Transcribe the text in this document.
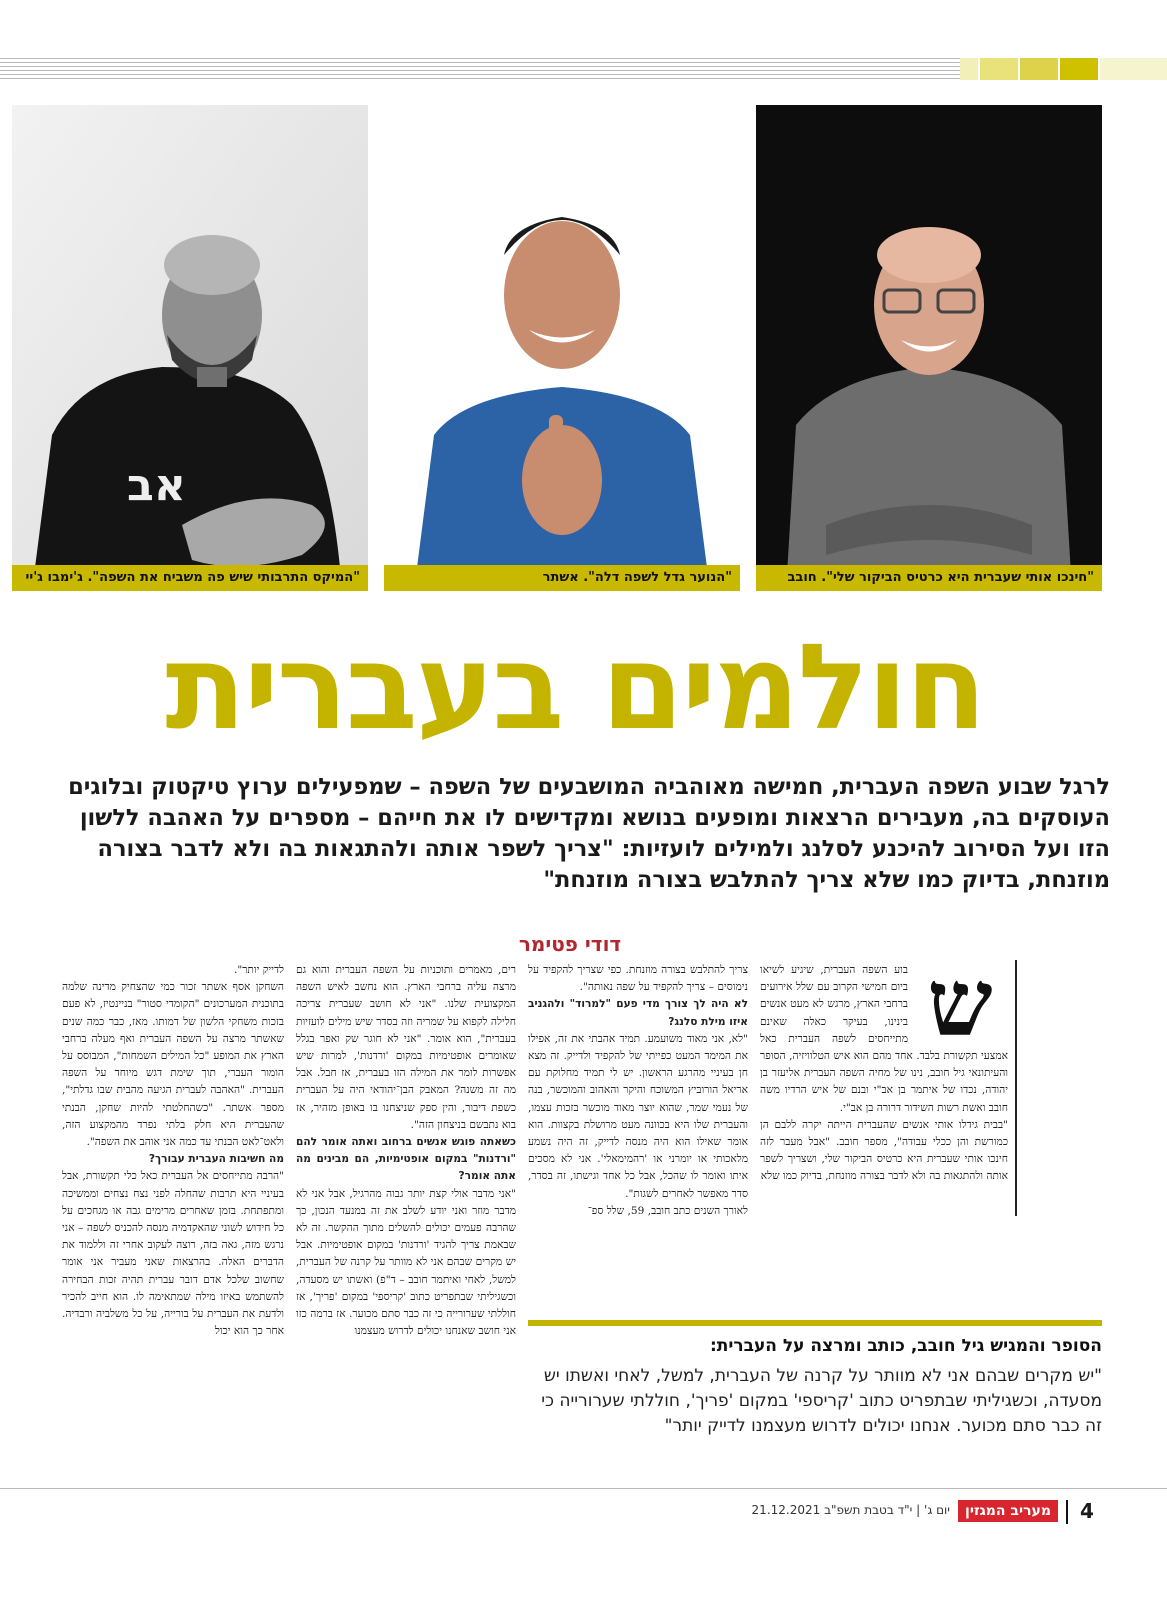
אב
"המיקס התרבותי שיש פה משביח את השפה". ג'ימבו ג'יי	"הנוער גדל לשפה דלה". אשתר	"חינכו אותי שעברית היא כרטיס הביקור שלי". חובב
חולמים בעברית
לרגל שבוע השפה העברית, חמישה מאוהביה המושבעים של השפה – שמפעילים ערוץ טיקטוק ובלוגים העוסקים בה, מעבירים הרצאות ומופעים בנושא ומקדישים לו את חייהם – מספרים על האהבה ללשון הזו ועל הסירוב להיכנע לסלנג ולמילים לועזיות: "צריך לשפר אותה ולהתגאות בה ולא לדבר בצורה מוזנחת, בדיוק כמו שלא צריך להתלבש בצורה מוזנחת"
דודי פטימר
ש

בוע השפה העברית, שיגיע לשיאו ביום חמישי הקרוב עם שלל אירועים ברחבי הארץ, מרגש לא מעט אנשים בינינו, בעיקר כאלה שאינם מתייחסים לשפה העברית כאל אמצעי תקשורת בלבד. אחד מהם הוא איש הטלוויזיה, הסופר והעיתונאי גיל חובב, נינו של מחיה השפה העברית אליעזר בן יהודה, נכדו של איתמר בן אב"י ובנם של איש הרדיו משה חובב ואשת רשות השידור דרורה בן אב"י.

"בבית גידלו אותי אנשים שהעברית הייתה יקרה ללבם הן כמורשת והן ככלי עבודה", מספר חובב. "אבל מעבר לזה חינכו אותי שעברית היא כרטיס הביקור שלי, ושצריך לשפר אותה ולהתגאות בה ולא לדבר בצורה מוזנחת, בדיוק כמו שלא

צריך להתלבש בצורה מוזנחת. כפי שצריך להקפיד על נימוסים – צריך להקפיד על שפה נאותה".

לא היה לך צורך מדי פעם "למרוד" ולהגניב איזו מילת סלנג?

"לא, אני מאוד משועמע. תמיד אהבתי את זה, אפילו את המימד המעט כפייתי של להקפיד ולדייק. זה מצא חן בעיניי מהרגע הראשון. יש לי תמיד מחלוקת עם אריאל הורוביץ המשוכח והיקר והאהוב והמוכשר, בנה של נעמי שמר, שהוא יוצר מאוד מוכשר בזכות עצמו, והעברית שלו היא בכוונה מעט מרושלת בקצוות. הוא אומר שאילו הוא היה מנסה לדייק, זה היה נשמע מלאכותי או יומרני או 'רהמימאלי'. אני לא מסכים איתו ואומר לו שהכל, אבל כל אחד וגישתו, זה בסדר, סדר מאפשר לאחרים לשגות".

לאורך השנים כתב חובב, 59, שלל ספ־

רים, מאמרים ותוכניות על השפה העברית והוא גם מרצה עליה ברחבי הארץ. הוא נחשב לאיש השפה המקצועית שלנו. "אני לא חושב שעברית צריכה חלילה לקפוא על שמריה וזה בסדר שיש מילים לועזיות בעברית", הוא אומר. "אני לא חוגר שק ואפר בגלל שאומרים אופטימיות במקום 'ורדנות', למרות שיש אפשרות לומר את המילה הזו בעברית, אז חבל. אבל מה זה משנה? המאבק הבן־יהודאי היה על העברית כשפת דיבור, והין ספק שניצחנו בו באופן מזהיר, אז בוא נתבשם בניצחון הזה".

כשאתה פוגש אנשים ברחוב ואתה אומר להם "ורדנות" במקום אופטימיות, הם מבינים מה אתה אומר?

"אני מדבר אולי קצת יותר גבוה מהרגיל, אבל אני לא מדבר מוזר ואני יודע לשלב את זה במנעד הנכון, כך שהרבה פעמים יכולים להשלים מתוך ההקשר. זה לא שבאמת צריך להגיד 'ורדנות' במקום אופטימיות. אבל יש מקרים שבהם אני לא מוותר על קרנה של העברית, למשל, לאחי ואיתמר חובב – ד"פ) ואשתו יש מסעדה, וכשגיליתי שבתפריט כתוב 'קריספי' במקום 'פריך', אז חוללתי שערורייה כי זה כבר סתם מכוער. אז ברמה כזו אני חושב שאנחנו יכולים לדרוש מעצמנו

לדייק יותר".

השחקן אסף אשתר זכור כמי שהצחיק מדינה שלמה בתוכנית המערכונים "הקומדי סטור" בניינטיז, לא פעם בזכות משחקי הלשון של דמותו. מאז, כבר כמה שנים שאשתר מרצה על השפה העברית ואף מעלה ברחבי הארץ את המופע "כל המילים השמחות", המבוסס על הומור העברי, תוך שימת דגש מיוחד על השפה העברית. "האהבה לעברית הגיעה מהבית שבו גדלתי", מספר אשתר. "כשהחלטתי להיות שחקן, הבנתי שהעברית היא חלק בלתי נפרד מהמקצוע הזה, ולאט־לאט הבנתי עד כמה אני אוהב את השפה".

מה חשיבות העברית עבורך?

"הרבה מתייחסים אל העברית כאל כלי תקשורת, אבל בעיניי היא תרבות שהחלה לפני נצח נצחים וממשיכה ומתפתחת. בזמן שאחרים מרימים גבה או מגחכים על כל חידוש לשוני שהאקדמיה מנסה להכניס לשפה – אני נרגש מזה, גאה בזה, רוצה לעקוב אחרי זה וללמוד את הדברים האלה. בהרצאות שאני מעביר אני אומר שחשוב שלכל אדם דובר עברית תהיה זכות הבחירה להשתמש באיזו מילה שמתאימה לו. הוא חייב להכיר ולדעת את העברית על בורייה, על כל משלביה ורבדיה. אחר כך הוא יכול

הסופר והמגיש גיל חובב, כותב ומרצה על העברית:
"יש מקרים שבהם אני לא מוותר על קרנה של העברית, למשל, לאחי ואשתו יש מסעדה, וכשגיליתי שבתפריט כתוב 'קריספי' במקום 'פריך', חוללתי שערורייה כי זה כבר סתם מכוער. אנחנו יכולים לדרוש מעצמנו לדייק יותר"
4
מעריב המגזין
יום ג' | י"ד בטבת תשפ"ב 21.12.2021
